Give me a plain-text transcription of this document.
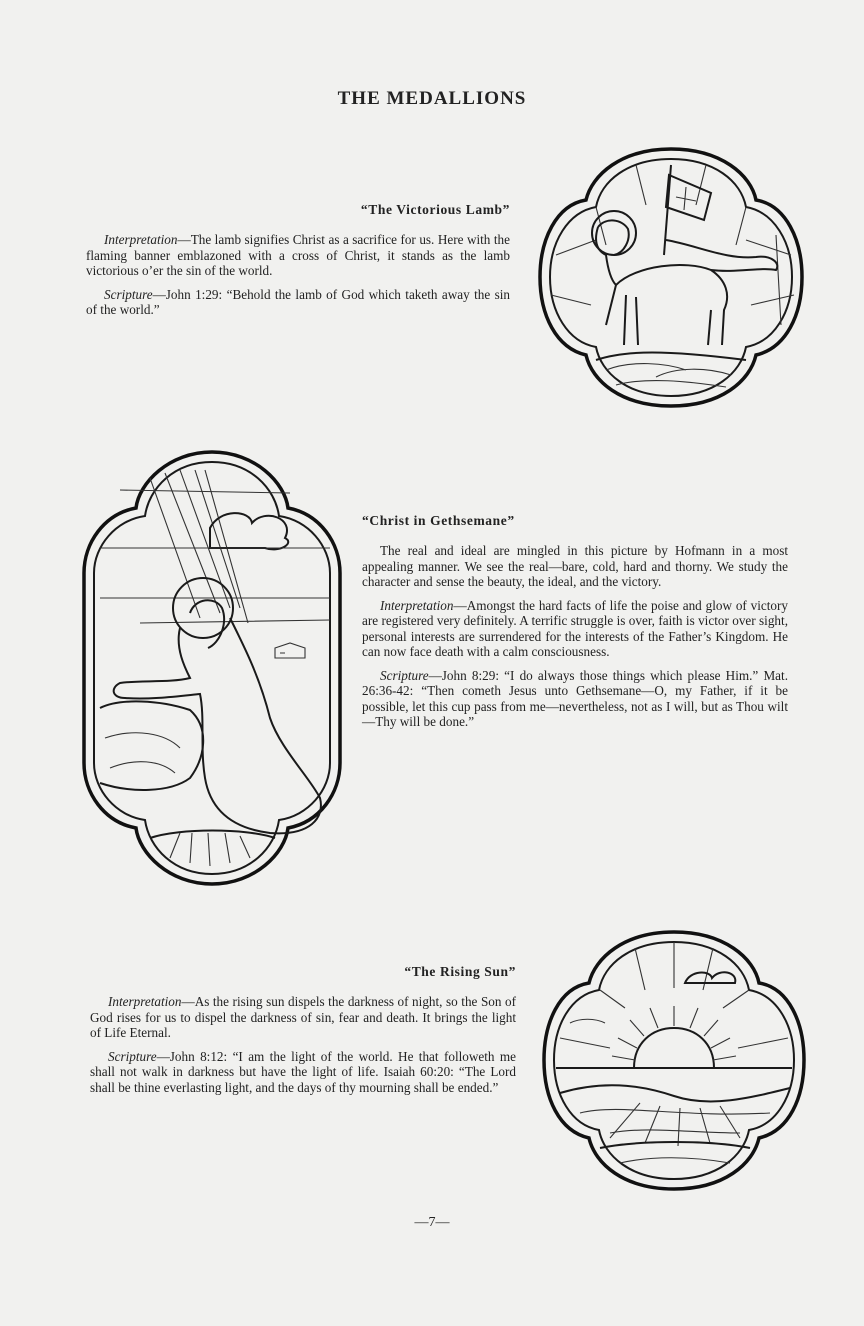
THE MEDALLIONS
“The Victorious Lamb”

Interpretation—The lamb signifies Christ as a sacrifice for us. Here with the flaming banner emblazoned with a cross of Christ, it stands as the lamb victorious o’er the sin of the world.

Scripture—John 1:29: “Behold the lamb of God which taketh away the sin of the world.”

“Christ in Gethsemane”

The real and ideal are mingled in this picture by Hofmann in a most appealing manner. We see the real—bare, cold, hard and thorny. We study the character and sense the beauty, the ideal, and the victory.

Interpretation—Amongst the hard facts of life the poise and glow of victory are registered very definitely. A terrific struggle is over, faith is victor over sight, personal interests are surrendered for the interests of the Father’s Kingdom. He can now face death with a calm consciousness.

Scripture—John 8:29: “I do always those things which please Him.” Mat. 26:36-42: “Then cometh Jesus unto Gethsemane—O, my Father, if it be possible, let this cup pass from me—nevertheless, not as I will, but as Thou wilt—Thy will be done.”

“The Rising Sun”

Interpretation—As the rising sun dispels the darkness of night, so the Son of God rises for us to dispel the darkness of sin, fear and death. It brings the light of Life Eternal.

Scripture—John 8:12: “I am the light of the world. He that followeth me shall not walk in darkness but have the light of life. Isaiah 60:20: “The Lord shall be thine everlasting light, and the days of thy mourning shall be ended.”

—7—
